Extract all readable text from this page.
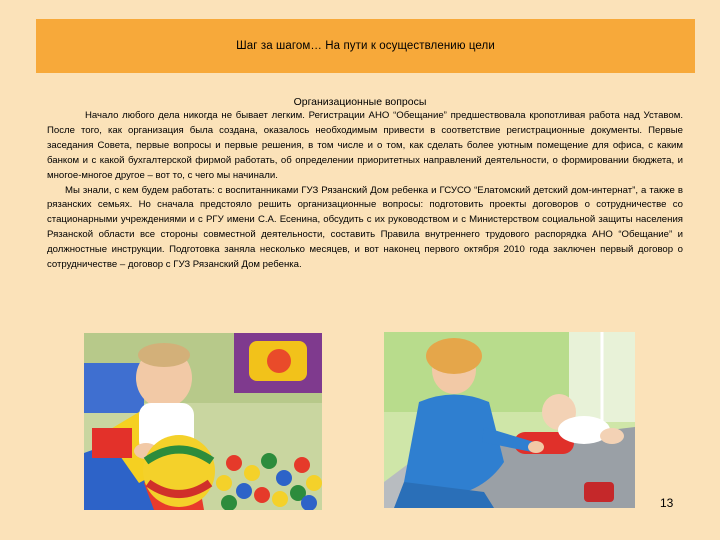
Шаг за шагом… На пути к осуществлению цели
Организационные вопросы

Начало любого дела никогда не бывает легким. Регистрации АНО “Обещание” предшествовала кропотливая работа над Уставом. После того, как организация была создана, оказалось необходимым привести в соответствие регистрационные документы. Первые заседания Совета, первые вопросы и первые решения, в том числе и о том, как сделать более уютным помещение для офиса, с каким банком и с какой бухгалтерской фирмой работать, об определении приоритетных направлений деятельности, о формировании бюджета, и многое-многое другое – вот то, с чего мы начинали.

Мы знали, с кем будем работать: с воспитанниками ГУЗ Рязанский Дом ребенка и ГСУСО “Елатомский детский дом-интернат”, а также в рязанских семьях. Но сначала предстояло решить организационные вопросы: подготовить проекты договоров о сотрудничестве со стационарными учреждениями и с РГУ имени С.А. Есенина, обсудить с их руководством и с Министерством социальной защиты населения Рязанской области все стороны совместной деятельности, составить Правила внутреннего трудового распорядка АНО “Обещание” и должностные инструкции. Подготовка заняла несколько месяцев, и вот наконец первого октября 2010 года заключен первый договор о сотрудничестве – договор с ГУЗ Рязанский Дом ребенка.

13
